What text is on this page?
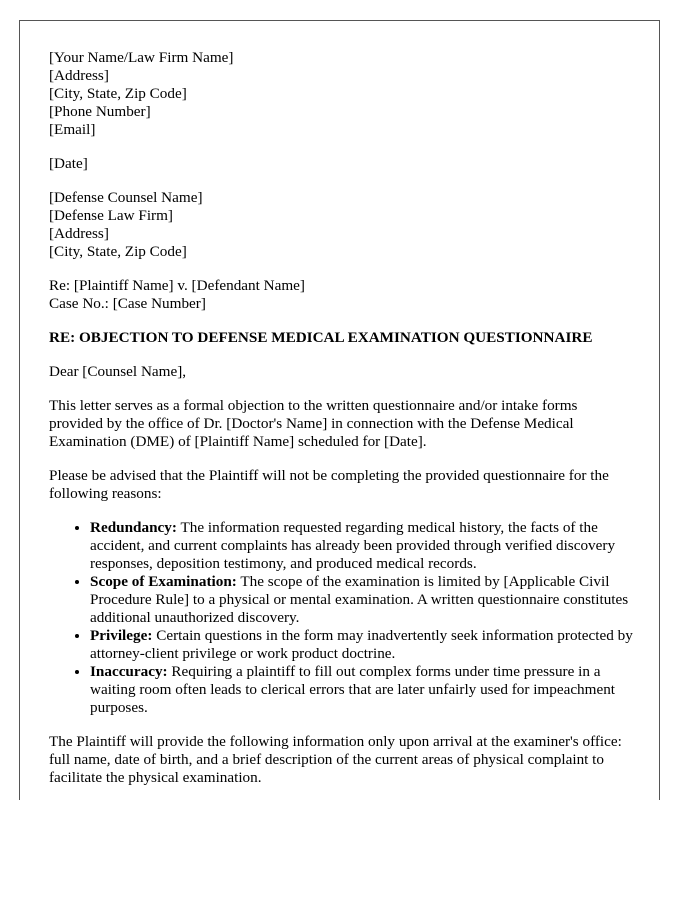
[Your Name/Law Firm Name]
[Address]
[City, State, Zip Code]
[Phone Number]
[Email]
[Date]
[Defense Counsel Name]
[Defense Law Firm]
[Address]
[City, State, Zip Code]
Re: [Plaintiff Name] v. [Defendant Name]
Case No.: [Case Number]

RE: OBJECTION TO DEFENSE MEDICAL EXAMINATION QUESTIONNAIRE

Dear [Counsel Name],

This letter serves as a formal objection to the written questionnaire and/or intake forms provided by the office of Dr. [Doctor's Name] in connection with the Defense Medical Examination (DME) of [Plaintiff Name] scheduled for [Date].

Please be advised that the Plaintiff will not be completing the provided questionnaire for the following reasons:

• Redundancy: The information requested regarding medical history, the facts of the accident, and current complaints has already been provided through verified discovery responses, deposition testimony, and produced medical records.
• Scope of Examination: The scope of the examination is limited by [Applicable Civil Procedure Rule] to a physical or mental examination. A written questionnaire constitutes additional unauthorized discovery.
• Privilege: Certain questions in the form may inadvertently seek information protected by attorney-client privilege or work product doctrine.
• Inaccuracy: Requiring a plaintiff to fill out complex forms under time pressure in a waiting room often leads to clerical errors that are later unfairly used for impeachment purposes.

The Plaintiff will provide the following information only upon arrival at the examiner's office: full name, date of birth, and a brief description of the current areas of physical complaint to facilitate the physical examination.
